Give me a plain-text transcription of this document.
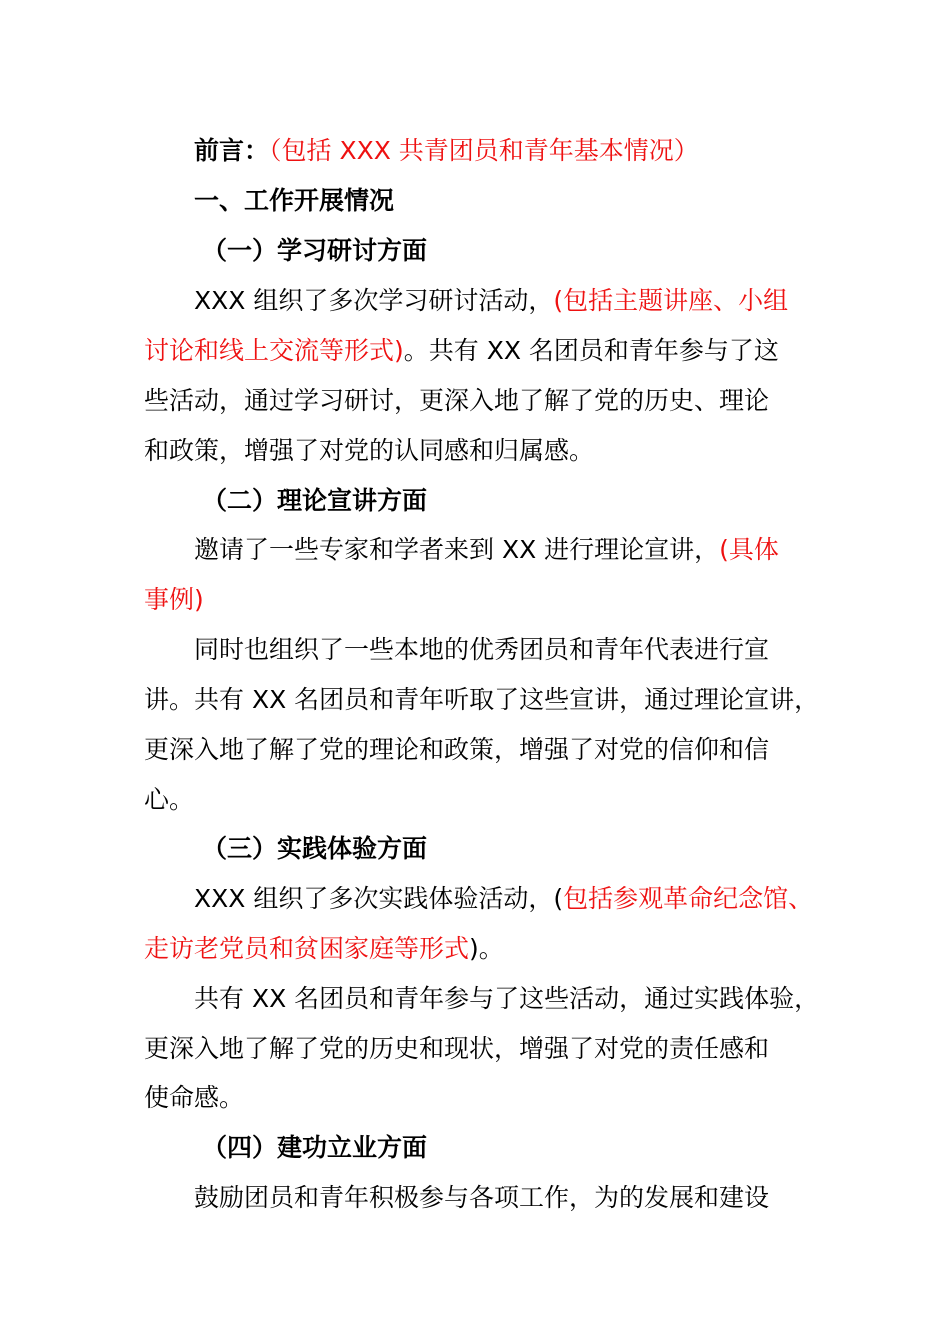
前言：（包括 XXX 共青团员和青年基本情况）
一、工作开展情况
（一）学习研讨方面
XXX 组织了多次学习研讨活动，(包括主题讲座、小组
讨论和线上交流等形式)。共有 XX 名团员和青年参与了这
些活动，通过学习研讨，更深入地了解了党的历史、理论
和政策，增强了对党的认同感和归属感。
（二）理论宣讲方面
邀请了一些专家和学者来到 XX 进行理论宣讲，(具体
事例)
同时也组织了一些本地的优秀团员和青年代表进行宣
讲。共有 XX 名团员和青年听取了这些宣讲，通过理论宣讲，
更深入地了解了党的理论和政策，增强了对党的信仰和信
心。
（三）实践体验方面
XXX 组织了多次实践体验活动，(包括参观革命纪念馆、
走访老党员和贫困家庭等形式)。
共有 XX 名团员和青年参与了这些活动，通过实践体验，
更深入地了解了党的历史和现状，增强了对党的责任感和
使命感。
（四）建功立业方面
鼓励团员和青年积极参与各项工作，为的发展和建设
